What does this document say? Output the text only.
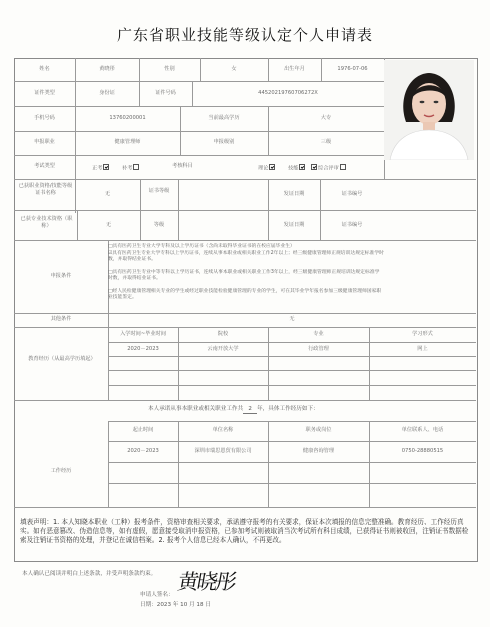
广东省职业技能等级认定个人申请表
姓名	黄晓彤	性别	女	出生年月	1976-07-06
证件类型	身份证	证件号码	44520219760706272X
手机号码	13760200001	当前最高学历	大专
申报职业	健康管理师	申报级别	三级
考试类型	正考	补考	考核科目	理论	技能	综合评审
已获职业资格/技能等级证书名称	无	证书等级	发证日期	证书编号
已获专业技术资格（职称）	无	等级	发证日期	证书编号
申报条件
□具有医药卫生专业大学专科及以上学历证书（含尚未取得毕业证书的在校应届毕业生）
☑具有医药卫生专业大学专科以上学历证书，连续从事本职业或相关职业工作2年以上；经三级健康管理师正规培训达规定标准学时数，并取得结业证书。
□具有医药卫生专业中等专科以上学历证书，连续从事本职业或相关职业工作3年以上，经三级健康管理师正规培训达规定标准学时数，并取得结业证书。
□经人民检健康管理相关专业的学生或经过职业技能检验健康管理的专业的学生，可在其毕业学年报名参加三级健康管理师国家职业技能鉴定。
其他条件	无
教育经历（从最高学历填起）
入学时间~毕业时间	院校	专业	学习形式
2020－2023	云南开放大学	行政管理	网上
本人承诺从事本职业或相关职业工作共 2 年，具体工作经历如下：
工作经历
起止时间	单位名称	职务或岗位	单位联系人、电话
2020－2023	深圳市瑞思恩贸有限公司	健康咨询管理	0750-28880515
填表声明：1. 本人知晓本职业（工种）报考条件，资格审查相关要求，承诺遵守报考的有关要求，保证本次填报的信息完整准确。教育经历、工作经历真实。如有恶意篡改、伪造信息等，如有虚假，愿意接受取消申报资格，已参加考试则被取消当次考试所有科目成绩，已获得证书则被收回，注销证书数据检索及注销证书资格的处理，并登记在诚信档案。2. 报考个人信息已经本人确认，不再更改。
本人确认已阅读并明白上述条款，并受声明条款约束。
申请人签名：
黄晓彤
日期：2023 年 10 月 18 日
